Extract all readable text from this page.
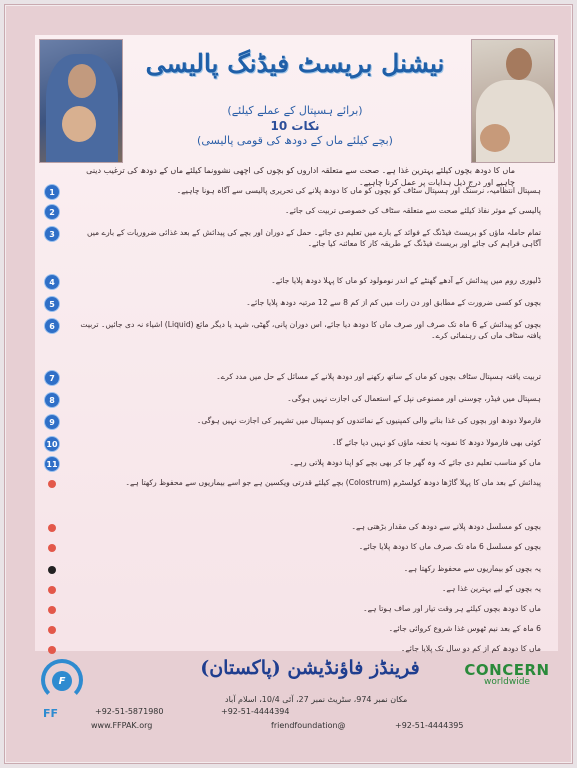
نیشنل بریسٹ فیڈنگ پالیسی
(برائے ہسپتال کے عملے کیلئے)
10 نکات
(بچے کیلئے ماں کے دودھ کی قومی پالیسی)
ماں کا دودھ بچوں کیلئے بہترین غذا ہے۔ صحت سے متعلقہ اداروں کو بچوں کی اچھی نشوونما کیلئے ماں کے دودھ کی ترغیب دینی چاہیے اور درج ذیل ہدایات پر عمل کرنا چاہیے۔
1	ہسپتال انتظامیہ، نرسنگ اور ہسپتال سٹاف کو بچوں کو ماں کا دودھ پلانے کی تحریری پالیسی سے آگاہ ہونا چاہیے۔
2	پالیسی کے موثر نفاذ کیلئے صحت سے متعلقہ سٹاف کی خصوصی تربیت کی جائے۔
3	تمام حاملہ ماؤں کو بریسٹ فیڈنگ کے فوائد کے بارے میں تعلیم دی جائے۔ حمل کے دوران اور بچے کی پیدائش کے بعد غذائی ضروریات کے بارے میں آگاہی فراہم کی جائے اور بریسٹ فیڈنگ کے طریقہ کار کا معائنہ کیا جائے۔
4	ڈلیوری روم میں پیدائش کے آدھے گھنٹے کے اندر نومولود کو ماں کا پہلا دودھ پلایا جائے۔
5	بچوں کو کسی ضرورت کے مطابق اور دن رات میں کم از کم 8 سے 12 مرتبہ دودھ پلایا جائے۔
6	بچوں کو پیدائش کے 6 ماہ تک صرف اور صرف ماں کا دودھ دیا جائے، اس دوران پانی، گھٹی، شہد یا دیگر مائع (Liquid) اشیاء نہ دی جائیں۔ تربیت یافتہ سٹاف ماں کی رہنمائی کرے۔
7	تربیت یافتہ ہسپتال سٹاف بچوں کو ماں کے ساتھ رکھنے اور دودھ پلانے کے مسائل کے حل میں مدد کرے۔
8	ہسپتال میں فیڈر، چوسنی اور مصنوعی نپل کے استعمال کی اجازت نہیں ہوگی۔
9	فارمولا دودھ اور بچوں کی غذا بنانے والی کمپنیوں کے نمائندوں کو ہسپتال میں تشہیر کی اجازت نہیں ہوگی۔
10	کوئی بھی فارمولا دودھ کا نمونہ یا تحفہ ماؤں کو نہیں دیا جائے گا۔
11	ماں کو مناسب تعلیم دی جائے کہ وہ گھر جا کر بھی بچے کو اپنا دودھ پلاتی رہے۔
پیدائش کے بعد ماں کا پہلا گاڑھا دودھ کولسٹرم (Colostrum) بچے کیلئے قدرتی ویکسین ہے جو اسے بیماریوں سے محفوظ رکھتا ہے۔
بچوں کو مسلسل دودھ پلانے سے دودھ کی مقدار بڑھتی ہے۔
بچوں کو مسلسل 6 ماہ تک صرف ماں کا دودھ پلایا جائے۔
یہ بچوں کو بیماریوں سے محفوظ رکھتا ہے۔
یہ بچوں کے لیے بہترین غذا ہے۔
ماں کا دودھ بچوں کیلئے ہر وقت تیار اور صاف ہوتا ہے۔
6 ماہ کے بعد نیم ٹھوس غذا شروع کروائی جائے۔
ماں کا دودھ کم از کم دو سال تک پلایا جائے۔
F
FF
فرینڈز فاؤنڈیشن (پاکستان)	CONCERN
worldwide
مکان نمبر 974، سٹریٹ نمبر 27، آئی 10/4، اسلام آباد
+92-51-4444394
+92-51-5871980
+92-51-4444395
friendfoundation@
www.FFPAK.org
